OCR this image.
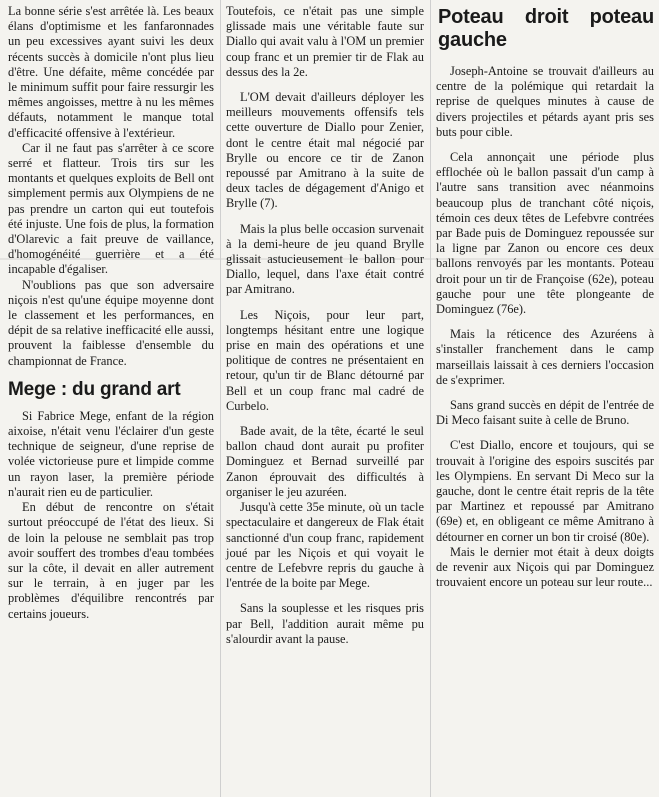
La bonne série s'est arrêtée là. Les beaux élans d'optimisme et les fanfaronnades un peu excessives ayant suivi les deux récents succès à domicile n'ont plus lieu d'être. Une défaite, même concédée par le minimum suffit pour faire ressurgir les mêmes angoisses, mettre à nu les mêmes défauts, notamment le manque total d'efficacité offensive à l'extérieur.

Car il ne faut pas s'arrêter à ce score serré et flatteur. Trois tirs sur les montants et quelques exploits de Bell ont simplement permis aux Olympiens de ne pas prendre un carton qui eut toutefois été injuste. Une fois de plus, la formation d'Olarevic a fait preuve de vaillance, d'homogénéité guerrière et a été incapable d'égaliser.

N'oublions pas que son adversaire niçois n'est qu'une équipe moyenne dont le classement et les performances, en dépit de sa relative inefficacité elle aussi, prouvent la faiblesse d'ensemble du championnat de France.

Mege : du grand art

Si Fabrice Mege, enfant de la région aixoise, n'était venu l'éclairer d'un geste technique de seigneur, d'une reprise de volée victorieuse pure et limpide comme un rayon laser, la première période n'aurait rien eu de particulier.

En début de rencontre on s'était surtout préoccupé de l'état des lieux. Si de loin la pelouse ne semblait pas trop avoir souffert des trombes d'eau tombées sur la côte, il devait en aller autrement sur le terrain, à en juger par les problèmes d'équilibre rencontrés par certains joueurs.

Toutefois, ce n'était pas une simple glissade mais une véritable faute sur Diallo qui avait valu à l'OM un premier coup franc et un premier tir de Flak au dessus des la 2e.

L'OM devait d'ailleurs déployer les meilleurs mouvements offensifs tels cette ouverture de Diallo pour Zenier, dont le centre était mal négocié par Brylle ou encore ce tir de Zanon repoussé par Amitrano à la suite de deux tacles de dégagement d'Anigo et Brylle (7).

Mais la plus belle occasion survenait à la demi-heure de jeu quand Brylle glissait astucieusement le ballon pour Diallo, lequel, dans l'axe était contré par Amitrano.

Les Niçois, pour leur part, longtemps hésitant entre une logique prise en main des opérations et une politique de contres ne présentaient en retour, qu'un tir de Blanc détourné par Bell et un coup franc mal cadré de Curbelo.

Bade avait, de la tête, écarté le seul ballon chaud dont aurait pu profiter Dominguez et Bernad surveillé par Zanon éprouvait des difficultés à organiser le jeu azuréen.

Jusqu'à cette 35e minute, où un tacle spectaculaire et dangereux de Flak était sanctionné d'un coup franc, rapidement joué par les Niçois et qui voyait le centre de Lefebvre repris du gauche à l'entrée de la boite par Mege.

Sans la souplesse et les risques pris par Bell, l'addition aurait même pu s'alourdir avant la pause.

Poteau droit poteau gauche

Joseph-Antoine se trouvait d'ailleurs au centre de la polémique qui retardait la reprise de quelques minutes à cause de divers projectiles et pétards ayant pris ses buts pour cible.

Cela annonçait une période plus efflochée où le ballon passait d'un camp à l'autre sans transition avec néanmoins beaucoup plus de tranchant côté niçois, témoin ces deux têtes de Lefebvre contrées par Bade puis de Dominguez repoussée sur la ligne par Zanon ou encore ces deux ballons renvoyés par les montants. Poteau droit pour un tir de Françoise (62e), poteau gauche pour une tête plongeante de Dominguez (76e).

Mais la réticence des Azuréens à s'installer franchement dans le camp marseillais laissait à ces derniers l'occasion de s'exprimer.

Sans grand succès en dépit de l'entrée de Di Meco faisant suite à celle de Bruno.

C'est Diallo, encore et toujours, qui se trouvait à l'origine des espoirs suscités par les Olympiens. En servant Di Meco sur la gauche, dont le centre était repris de la tête par Martinez et repoussé par Amitrano (69e) et, en obligeant ce même Amitrano à détourner en corner un bon tir croisé (80e).

Mais le dernier mot était à deux doigts de revenir aux Niçois qui par Dominguez trouvaient encore un poteau sur leur route...
